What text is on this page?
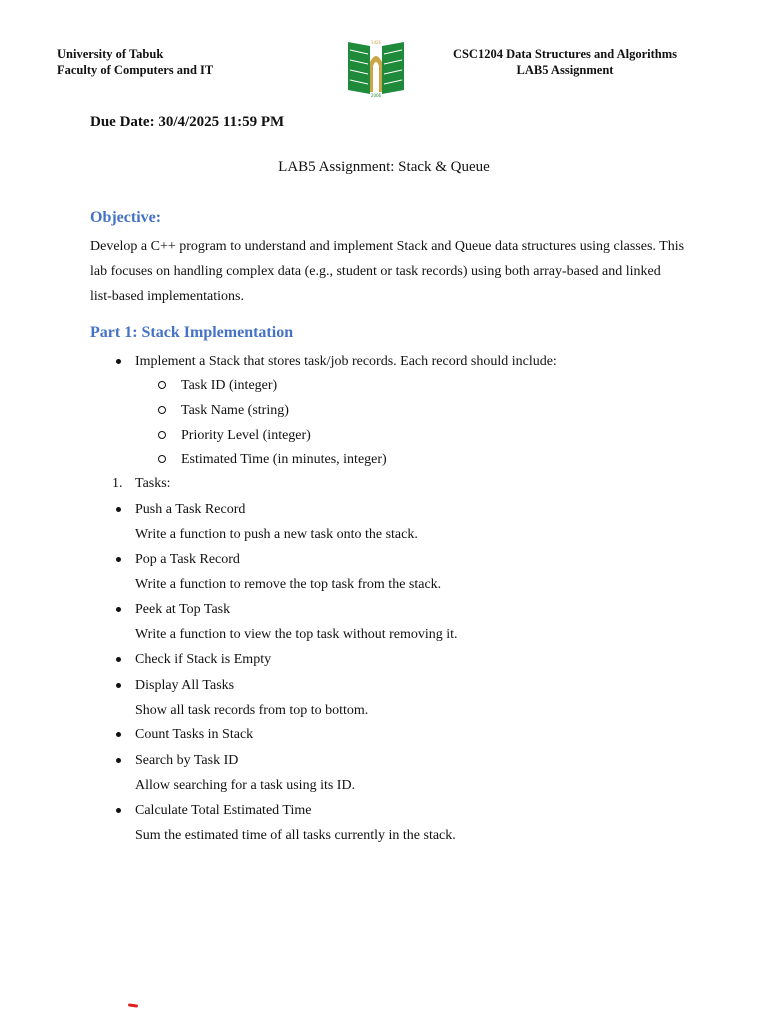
University of Tabuk
Faculty of Computers and IT
1426
2006
CSC1204 Data Structures and Algorithms
LAB5 Assignment
Due Date: 30/4/2025 11:59 PM
LAB5 Assignment: Stack & Queue
Objective:
Develop a C++ program to understand and implement Stack and Queue data structures using classes. This
lab focuses on handling complex data (e.g., student or task records) using both array-based and linked
list-based implementations.
Part 1: Stack Implementation
Implement a Stack that stores task/job records. Each record should include:
Task ID (integer)
Task Name (string)
Priority Level (integer)
Estimated Time (in minutes, integer)
1. Tasks:
Push a Task Record
Write a function to push a new task onto the stack.
Pop a Task Record
Write a function to remove the top task from the stack.
Peek at Top Task
Write a function to view the top task without removing it.
Check if Stack is Empty
Display All Tasks
Show all task records from top to bottom.
Count Tasks in Stack
Search by Task ID
Allow searching for a task using its ID.
Calculate Total Estimated Time
Sum the estimated time of all tasks currently in the stack.
